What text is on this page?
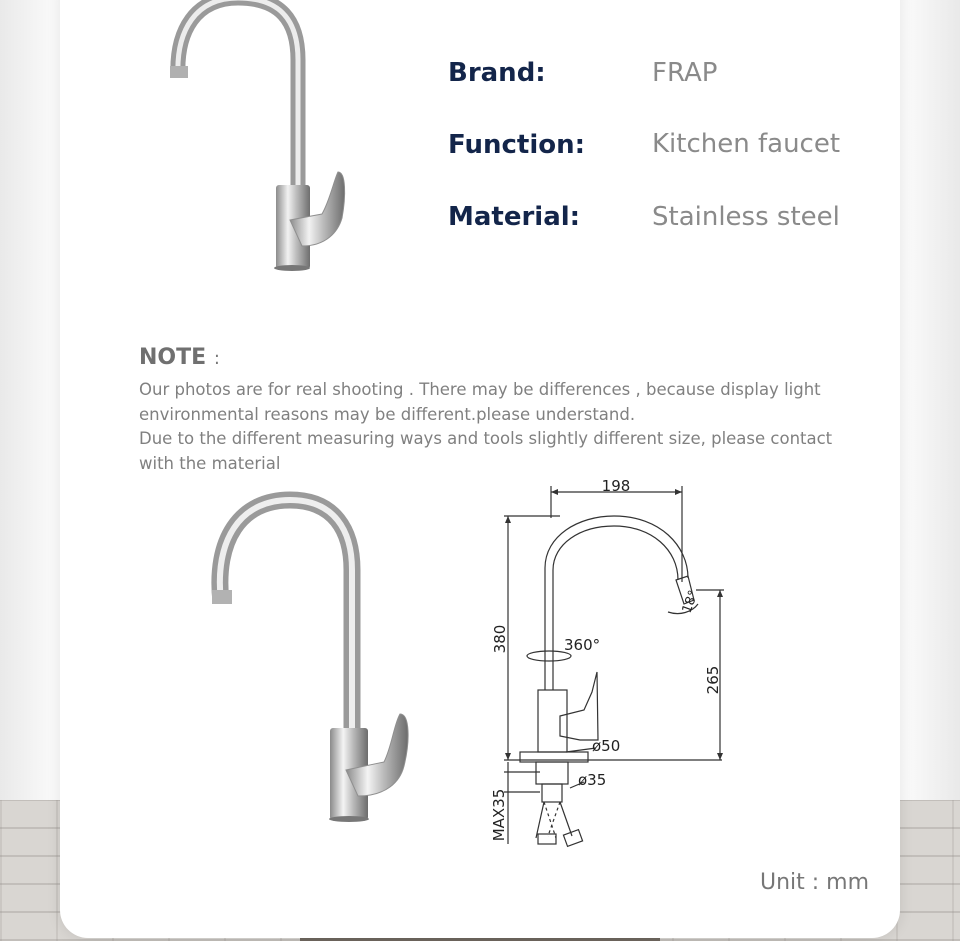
Brand:	FRAP
Function:	Kitchen faucet
Material:	Stainless steel
NOTE :

Our photos are for real shooting . There may be differences , because display light environmental reasons may be different.please understand.

Due to the different measuring ways and tools slightly different size, please contact with the material

198
380	360°
265
ø50
ø35
MAX35
18°
Unit : mm
